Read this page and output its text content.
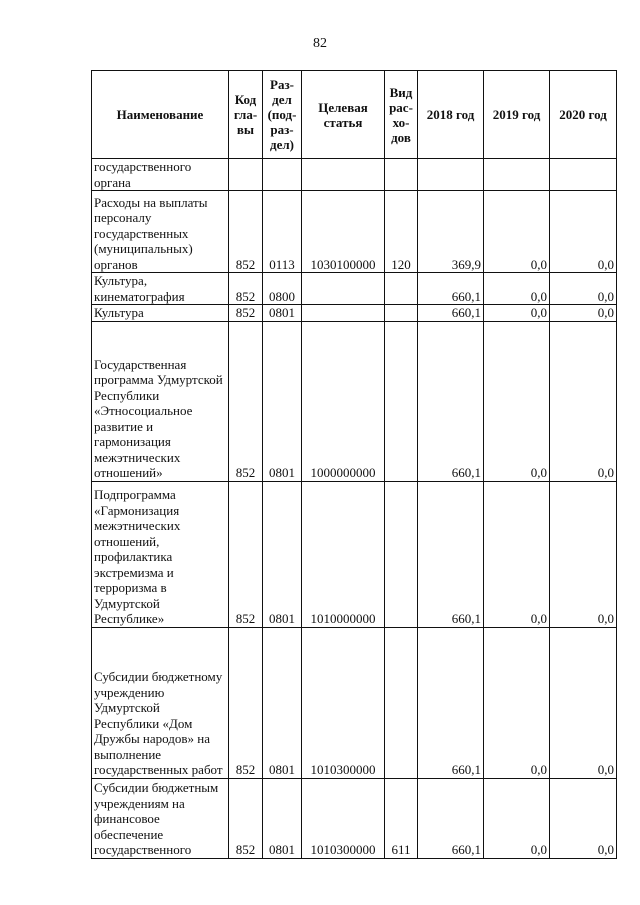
82
Наименование	Код гла-вы	Раз-дел (под-раз-дел)	Целевая статья	Вид рас-хо-дов	2018 год	2019 год	2020 год
государственного органа							
Расходы на выплаты персоналу государственных (муниципальных) органов	852	0113	1030100000	120	369,9	0,0	0,0
Культура, кинематография	852	0800			660,1	0,0	0,0
Культура	852	0801			660,1	0,0	0,0
Государственная программа Удмуртской Республики «Этносоциальное развитие и гармонизация межэтнических отношений»	852	0801	1000000000		660,1	0,0	0,0
Подпрограмма «Гармонизация межэтнических отношений, профилактика экстремизма и терроризма в Удмуртской Республике»	852	0801	1010000000		660,1	0,0	0,0
Субсидии бюджетному учреждению Удмуртской Республики «Дом Дружбы народов» на выполнение государственных работ	852	0801	1010300000		660,1	0,0	0,0
Субсидии бюджетным учреждениям на финансовое обеспечение государственного	852	0801	1010300000	611	660,1	0,0	0,0
